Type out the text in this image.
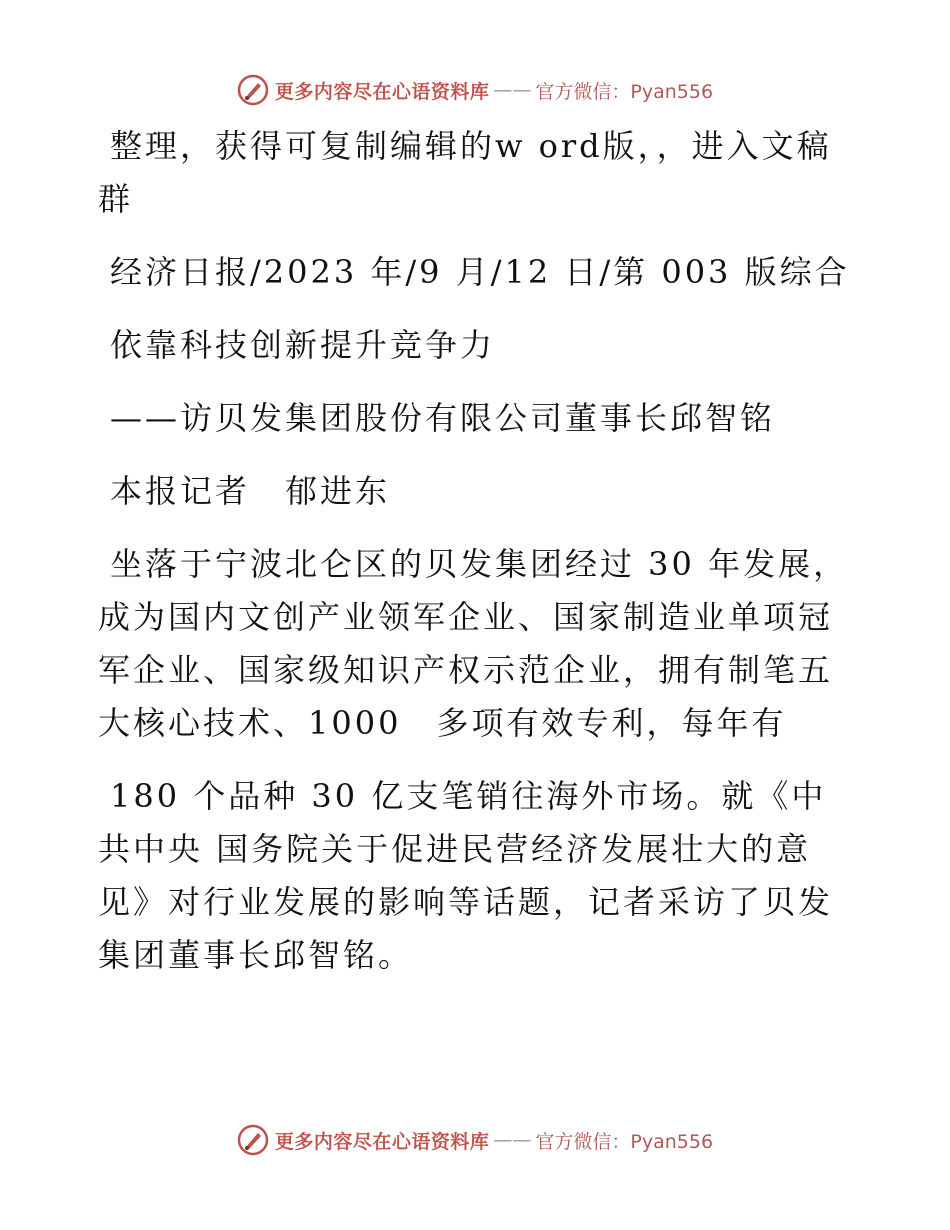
更多内容尽在心语资料库 —— 官方微信：Pyan556

整理，获得可复制编辑的w ord版，，进入文稿群

经济日报/2023 年/9 月/12 日/第 003 版综合

依靠科技创新提升竞争力

——访贝发集团股份有限公司董事长邱智铭

本报记者　郁进东

坐落于宁波北仑区的贝发集团经过 30 年发展，成为国内文创产业领军企业、国家制造业单项冠军企业、国家级知识产权示范企业，拥有制笔五大核心技术、1000　多项有效专利，每年有

180 个品种 30 亿支笔销往海外市场。就《中共中央 国务院关于促进民营经济发展壮大的意见》对行业发展的影响等话题，记者采访了贝发集团董事长邱智铭。

更多内容尽在心语资料库 —— 官方微信：Pyan556
